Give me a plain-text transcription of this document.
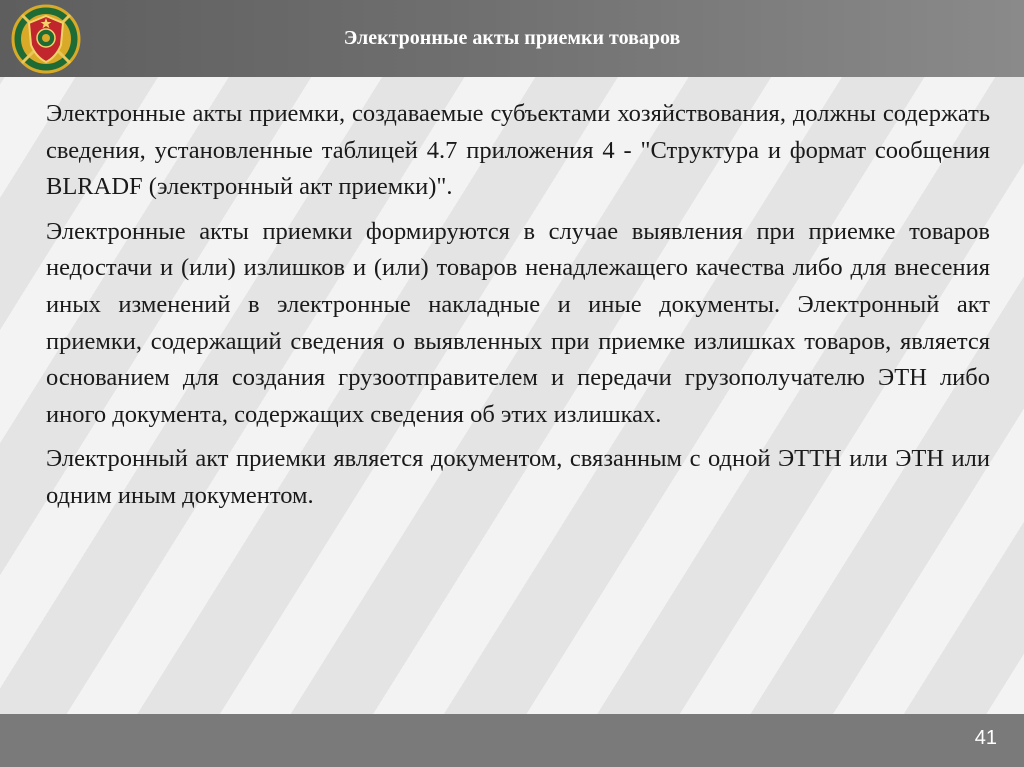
Электронные акты приемки товаров

Электронные акты приемки, создаваемые субъектами хозяйствования, должны содержать сведения, установленные таблицей 4.7 приложения 4 - "Структура и формат сообщения BLRADF (электронный акт приемки)".

Электронные акты приемки формируются в случае выявления при приемке товаров недостачи и (или) излишков и (или) товаров ненадлежащего качества либо для внесения иных изменений в электронные накладные и иные документы. Электронный акт приемки, содержащий сведения о выявленных при приемке излишках товаров, является основанием для создания грузоотправителем и передачи грузополучателю ЭТН либо иного документа, содержащих сведения об этих излишках.

Электронный акт приемки является документом, связанным с одной ЭТТН или ЭТН или одним иным документом.

41
